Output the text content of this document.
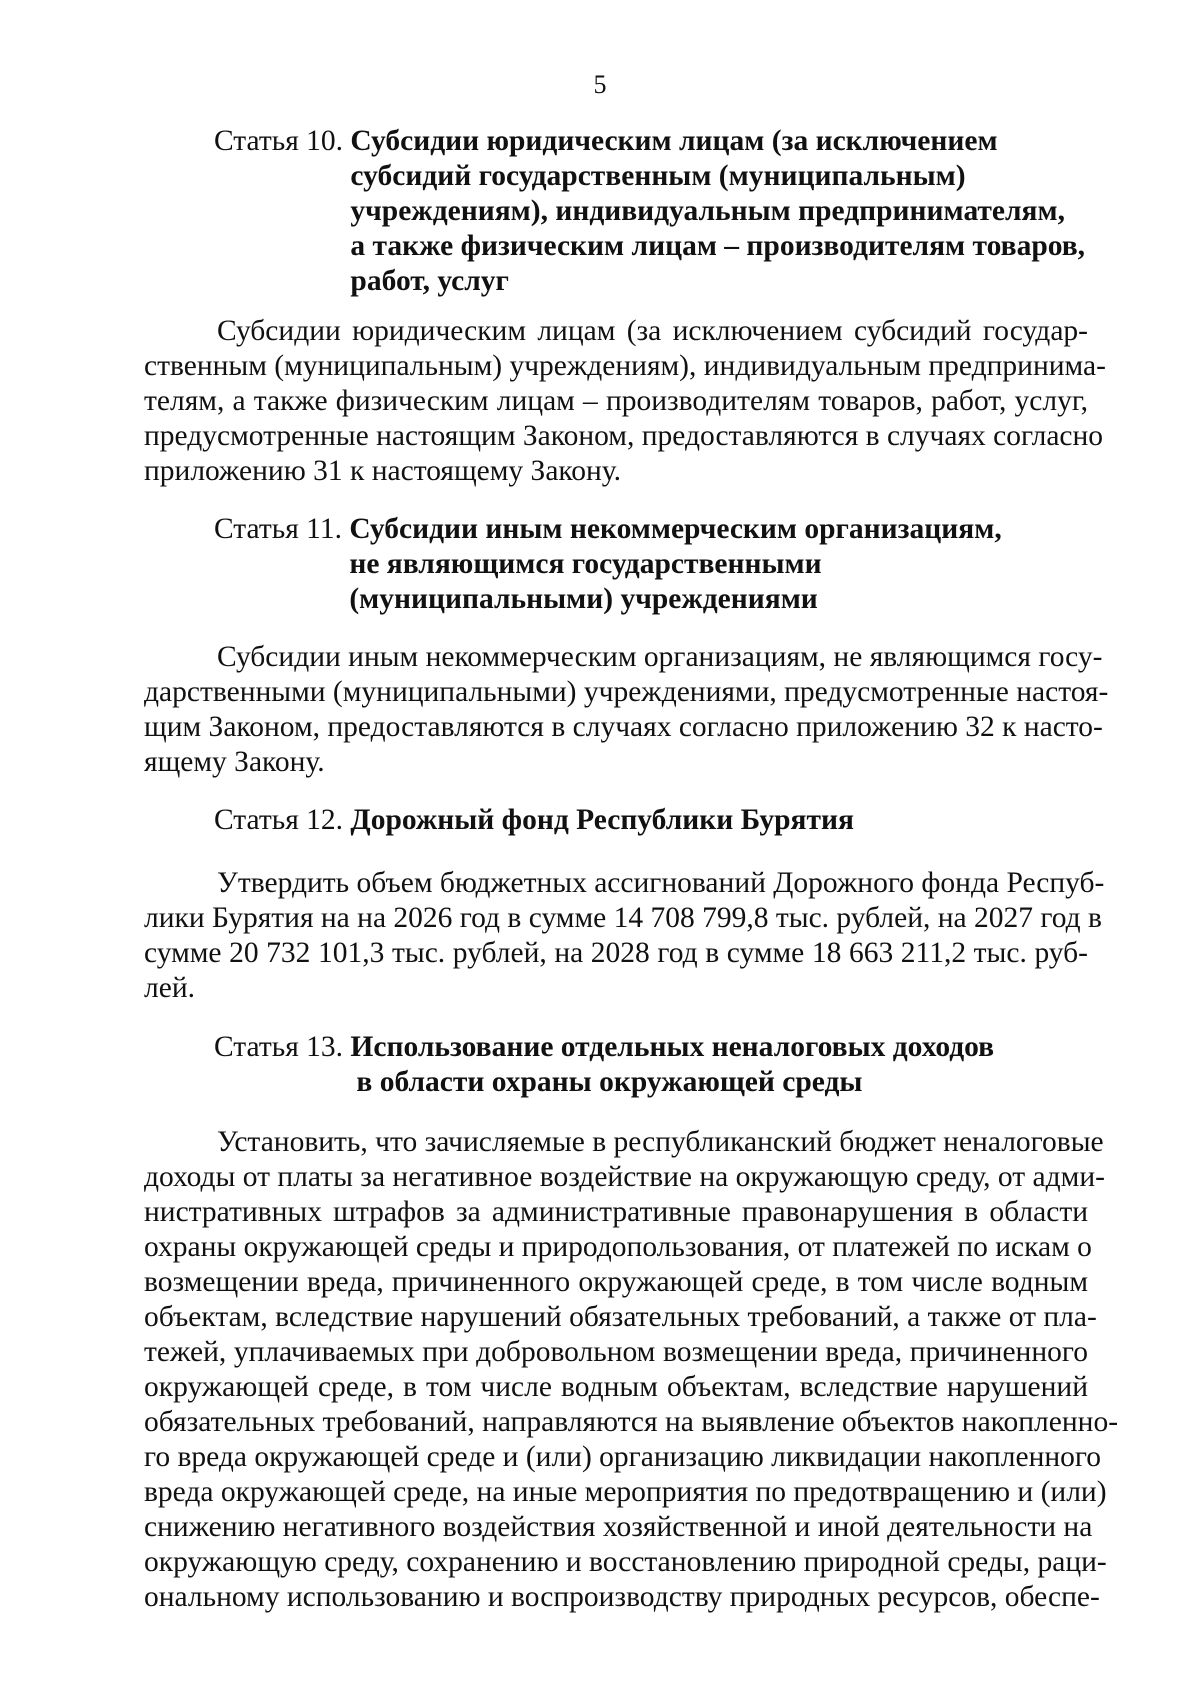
5
Статья 10. Субсидии юридическим лицам (за исключением
субсидий государственным (муниципальным)
учреждениям), индивидуальным предпринимателям,
а также физическим лицам – производителям товаров,
работ, услуг
Субсидии юридическим лицам (за исключением субсидий государ-
ственным (муниципальным) учреждениям), индивидуальным предпринима-
телям, а также физическим лицам – производителям товаров, работ, услуг,
предусмотренные настоящим Законом, предоставляются в случаях согласно
приложению 31 к настоящему Закону.
Статья 11. Субсидии иным некоммерческим организациям,
не являющимся государственными
(муниципальными) учреждениями
Субсидии иным некоммерческим организациям, не являющимся госу-
дарственными (муниципальными) учреждениями, предусмотренные настоя-
щим Законом, предоставляются в случаях согласно приложению 32 к насто-
ящему Закону.
Статья 12. Дорожный фонд Республики Бурятия
Утвердить объем бюджетных ассигнований Дорожного фонда Респуб-
лики Бурятия на на 2026 год в сумме 14 708 799,8 тыс. рублей, на 2027 год в
сумме 20 732 101,3 тыс. рублей, на 2028 год в сумме 18 663 211,2 тыс. руб-
лей.
Статья 13. Использование отдельных неналоговых доходов
в области охраны окружающей среды
Установить, что зачисляемые в республиканский бюджет неналоговые
доходы от платы за негативное воздействие на окружающую среду, от адми-
нистративных штрафов за административные правонарушения в области
охраны окружающей среды и природопользования, от платежей по искам о
возмещении вреда, причиненного окружающей среде, в том числе водным
объектам, вследствие нарушений обязательных требований, а также от пла-
тежей, уплачиваемых при добровольном возмещении вреда, причиненного
окружающей среде, в том числе водным объектам, вследствие нарушений
обязательных требований, направляются на выявление объектов накопленно-
го вреда окружающей среде и (или) организацию ликвидации накопленного
вреда окружающей среде, на иные мероприятия по предотвращению и (или)
снижению негативного воздействия хозяйственной и иной деятельности на
окружающую среду, сохранению и восстановлению природной среды, раци-
ональному использованию и воспроизводству природных ресурсов, обеспе-
